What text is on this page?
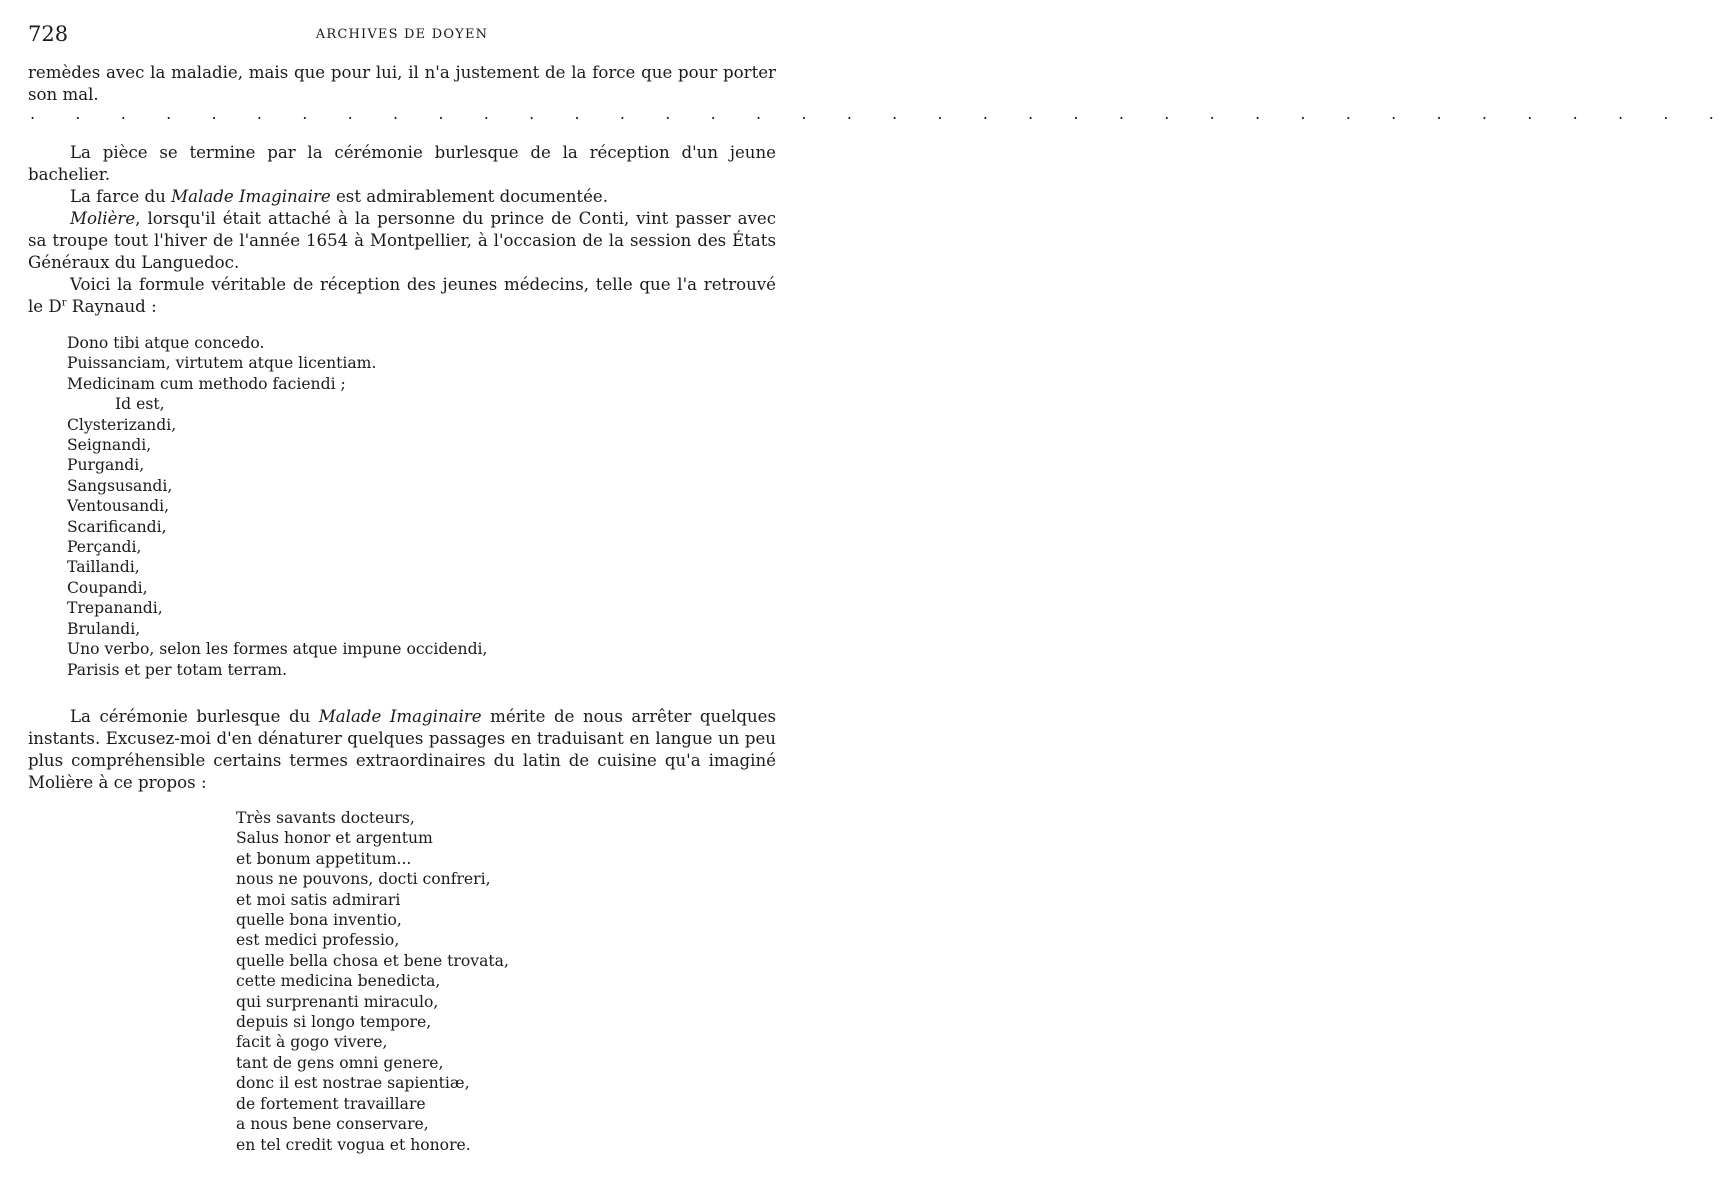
728	ARCHIVES DE DOYEN

remèdes avec la maladie, mais que pour lui, il n'a justement de la force que pour porter

son mal.

. . . . . . . . . . . . . . . . . . . . . . . . . . . . . . . . . . . . . .

La pièce se termine par la cérémonie burlesque de la réception d'un jeune bachelier.

La farce du Malade Imaginaire est admirablement documentée.

Molière, lorsqu'il était attaché à la personne du prince de Conti, vint passer avec sa troupe tout l'hiver de l'année 1654 à Montpellier, à l'occasion de la session des États Généraux du Languedoc.

Voici la formule véritable de réception des jeunes médecins, telle que l'a retrouvé le $D^r$ Raynaud :

Dono tibi atque concedo.
Puissanciam, virtutem atque licentiam.
Medicinam cum methodo faciendi ;
Id est,
Clysterizandi,
Seignandi,
Purgandi,
Sangsusandi,
Ventousandi,
Scarificandi,
Perçandi,
Taillandi,
Coupandi,
Trepanandi,
Brulandi,
Uno verbo, selon les formes atque impune occidendi,
Parisis et per totam terram.

La cérémonie burlesque du Malade Imaginaire mérite de nous arrêter quelques instants. Excusez-moi d'en dénaturer quelques passages en traduisant en langue un peu plus compréhensible certains termes extraordinaires du latin de cuisine qu'a imaginé Molière à ce propos :

Très savants docteurs,
Salus honor et argentum
et bonum appetitum...
nous ne pouvons, docti confreri,
et moi satis admirari
quelle bona inventio,
est medici professio,
quelle bella chosa et bene trovata,
cette medicina benedicta,
qui surprenanti miraculo,
depuis si longo tempore,
facit à gogo vivere,
tant de gens omni genere,
donc il est nostrae sapientiæ,
de fortement travaillare
a nous bene conservare,
en tel credit vogua et honore.
